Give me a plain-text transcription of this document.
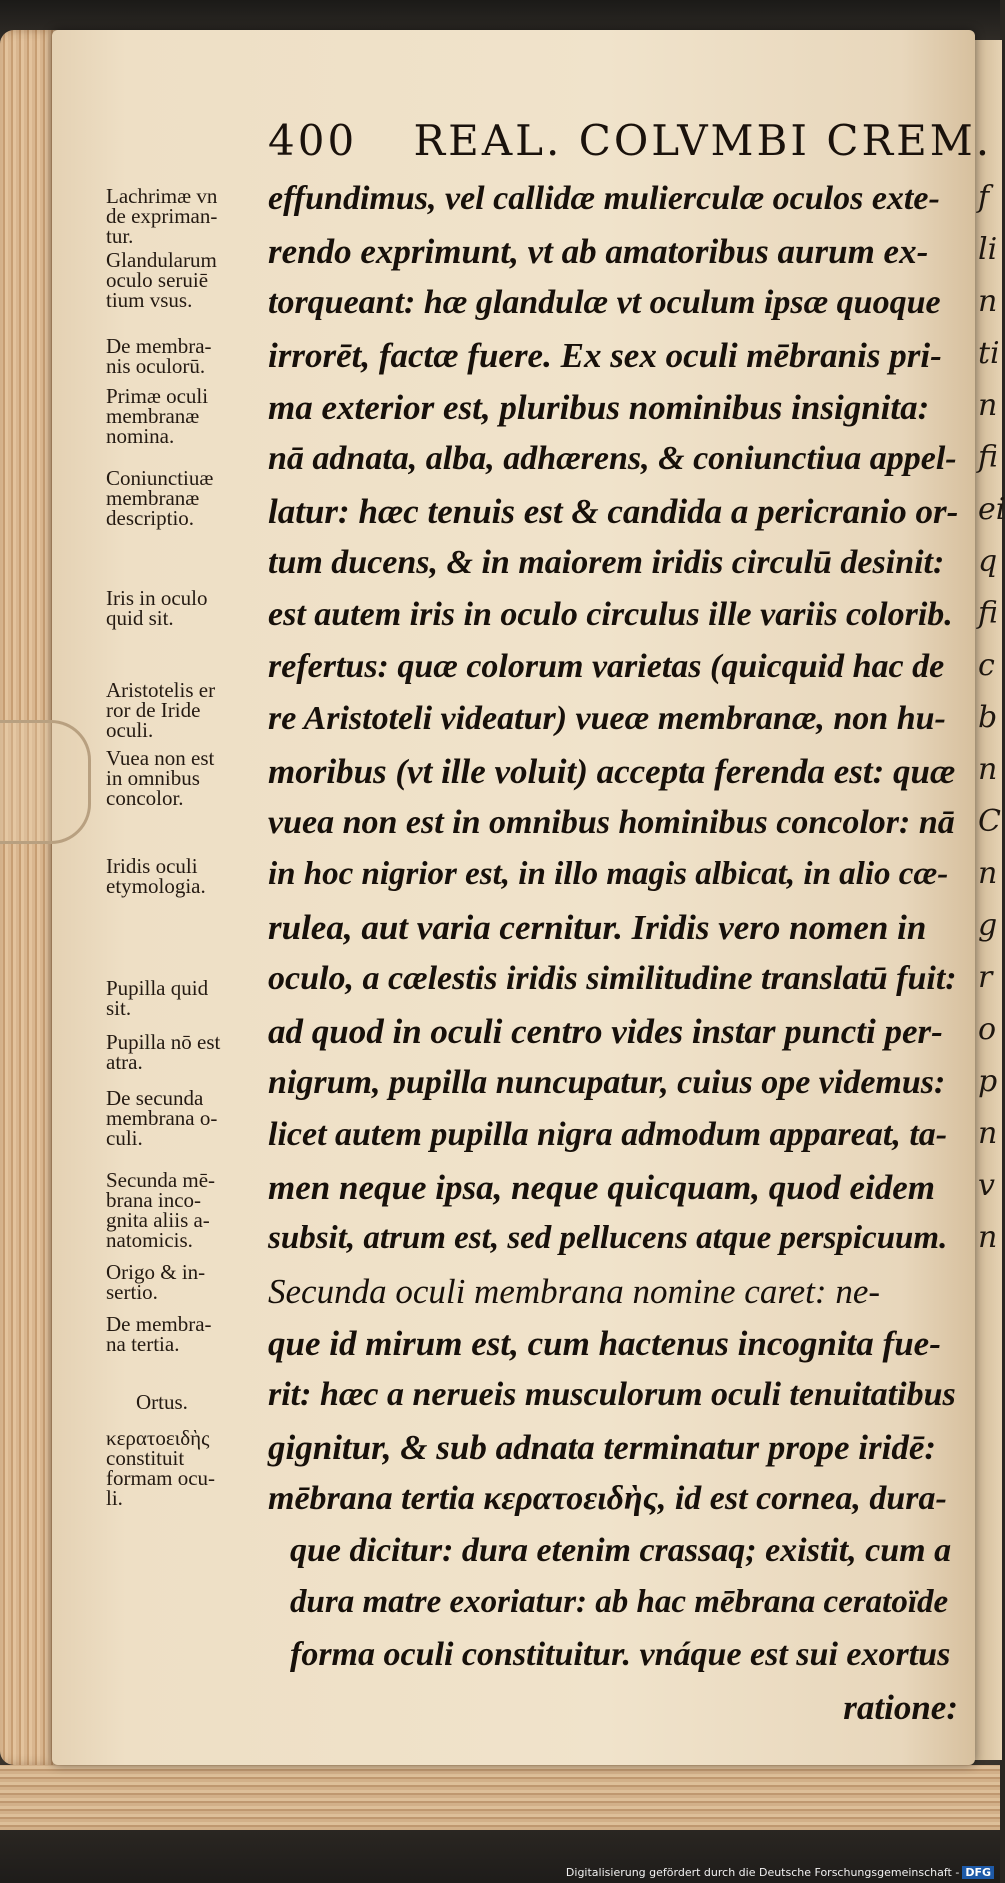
f
li
n
ti
n
fi
ei
q
fi
c
b
n
C
n
g
r
o
p
n
v
n
400 REAL. COLVMBI CREM.
Lachrimæ vn
de expriman-
tur.
Glandularum
oculo seruiē
tium vsus.
De membra-
nis oculorū.
Primæ oculi
membranæ
nomina.
Coniunctiuæ
membranæ
descriptio.
Iris in oculo
quid sit.
Aristotelis er
ror de Iride
oculi.
Vuea non est
in omnibus
concolor.
Iridis oculi
etymologia.
Pupilla quid
sit.
Pupilla nō est
atra.
De secunda
membrana o-
culi.
Secunda mē-
brana inco-
gnita aliis a-
natomicis.
Origo & in-
sertio.
De membra-
na tertia.
Ortus.
κερατοειδὴς
constituit
formam ocu-
li.
effundimus, vel callidæ mulierculæ oculos exte-
rendo exprimunt, vt ab amatoribus aurum ex-
torqueant: hæ glandulæ vt oculum ipsæ quoque
irrorēt, factæ fuere. Ex sex oculi mēbranis pri-
ma exterior est, pluribus nominibus insignita:
nā adnata, alba, adhærens, & coniunctiua appel-
latur: hæc tenuis est & candida a pericranio or-
tum ducens, & in maiorem iridis circulū desinit:
est autem iris in oculo circulus ille variis colorib.
refertus: quæ colorum varietas (quicquid hac de
re Aristoteli videatur) vueæ membranæ, non hu-
moribus (vt ille voluit) accepta ferenda est: quæ
vuea non est in omnibus hominibus concolor: nā
in hoc nigrior est, in illo magis albicat, in alio cæ-
rulea, aut varia cernitur. Iridis vero nomen in
oculo, a cælestis iridis similitudine translatū fuit:
ad quod in oculi centro vides instar puncti per-
nigrum, pupilla nuncupatur, cuius ope videmus:
licet autem pupilla nigra admodum appareat, ta-
men neque ipsa, neque quicquam, quod eidem
subsit, atrum est, sed pellucens atque perspicuum.
Secunda oculi membrana nomine caret: ne-
que id mirum est, cum hactenus incognita fue-
rit: hæc a nerueis musculorum oculi tenuitatibus
gignitur, & sub adnata terminatur prope iridē:
mēbrana tertia κερατοειδὴς, id est cornea, dura-
que dicitur: dura etenim crassaq; existit, cum a
dura matre exoriatur: ab hac mēbrana ceratoïde
forma oculi constituitur. vnáque est sui exortus
ratione:
Digitalisierung gefördert durch die Deutsche Forschungsgemeinschaft - DFG
